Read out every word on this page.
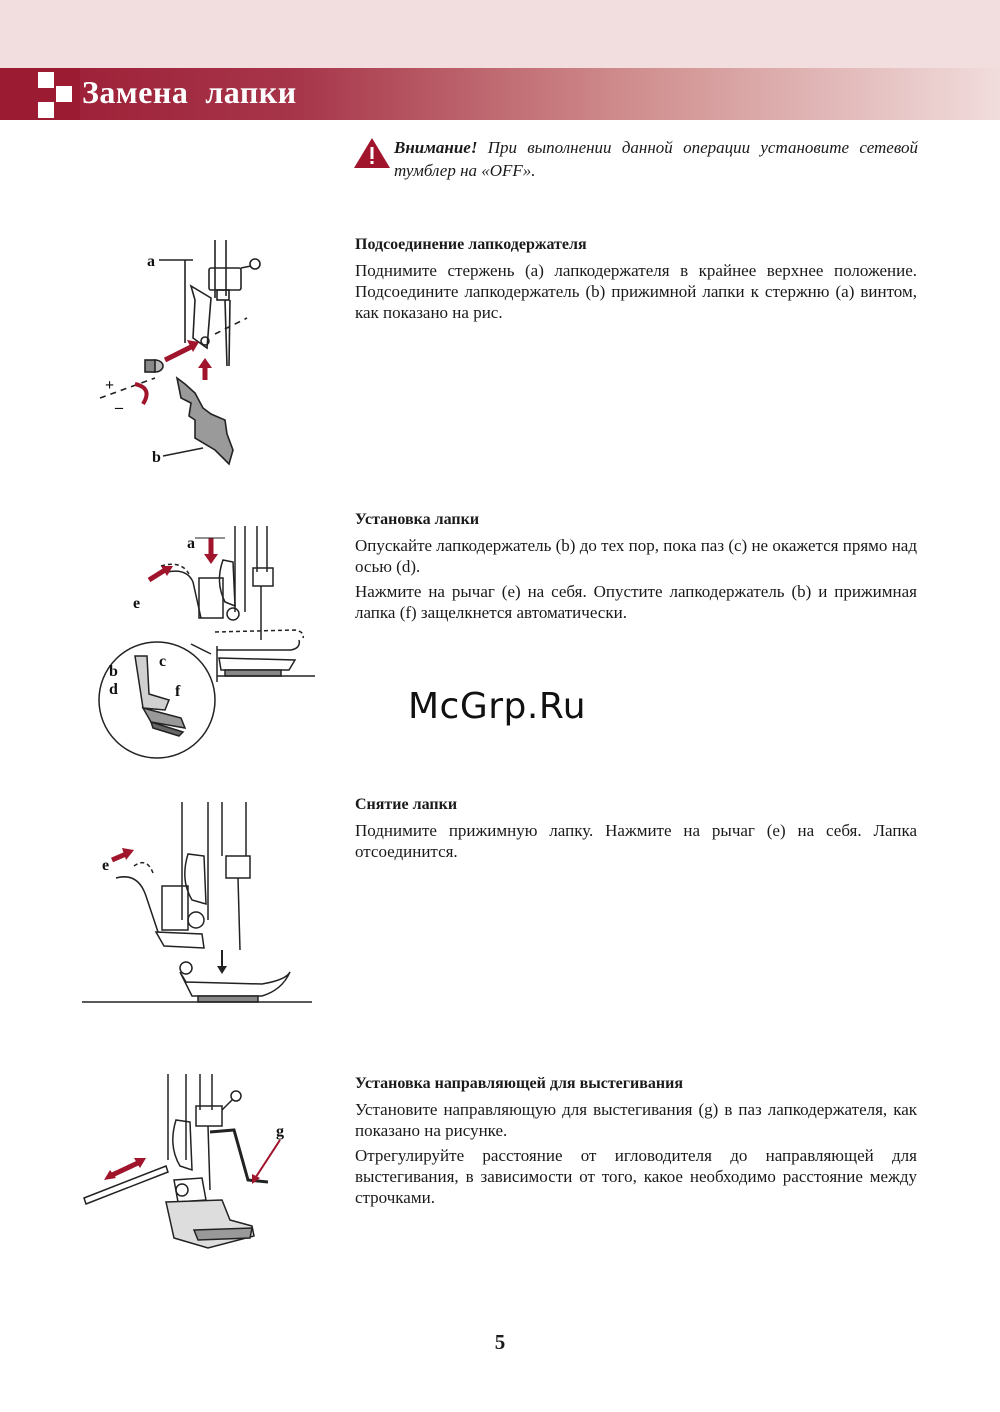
Замена  лапки
Внимание! При выполнении данной операции установите сетевой тумблер на «OFF».
Подсоединение лапкодержателя

Поднимите стержень (a) лапкодержателя в крайнее верхнее положение. Подсоедините лапкодержатель (b) прижимной лапки к стержню (a) винтом, как показано на рис.

a
b
+
–
Установка лапки

Опускайте лапкодержатель (b) до тех пор, пока паз (c) не окажется прямо над осью (d).

Нажмите на рычаг (e) на себя. Опустите лапкодержатель (b) и прижимная лапка (f) защелкнется автоматически.

a
e
b
c
d	f	McGrp.Ru
Снятие лапки

Поднимите прижимную лапку. Нажмите на рычаг (e) на себя. Лапка отсоединится.

e
Установка направляющей для выстегивания

Установите направляющую для выстегивания (g) в паз лапкодержателя, как показано на рисунке.

Отрегулируйте расстояние от игловодителя до направляющей для выстегивания, в зависимости от того, какое необходимо расстояние между строчками.

g
5
